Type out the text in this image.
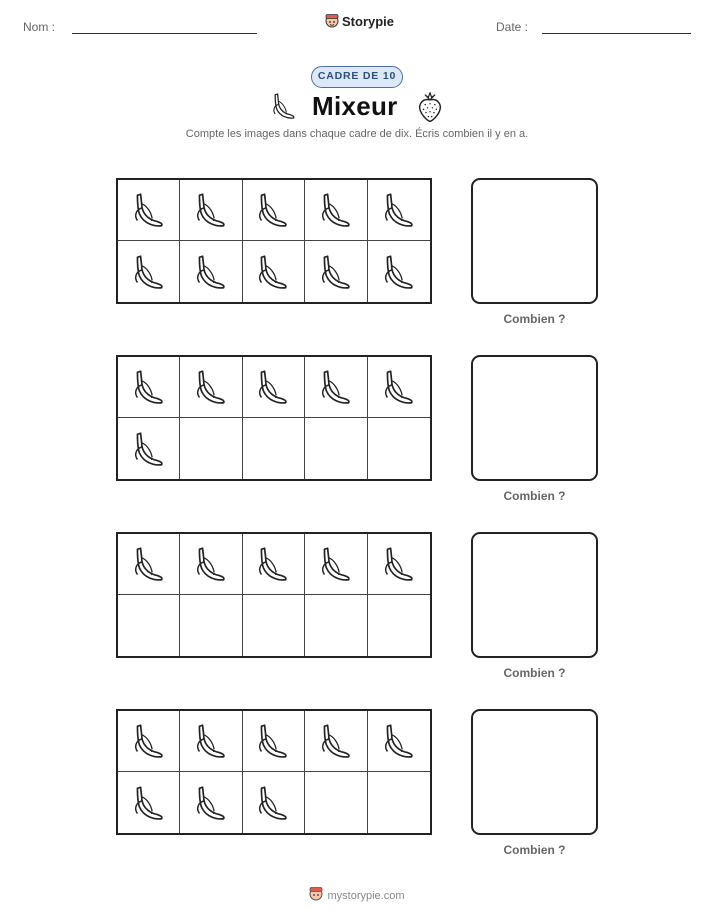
Nom :	Storypie	Date :
CADRE DE 10
Mixeur
Compte les images dans chaque cadre de dix. Écris combien il y en a.
Combien ?
Combien ?
Combien ?
Combien ?
mystorypie.com
